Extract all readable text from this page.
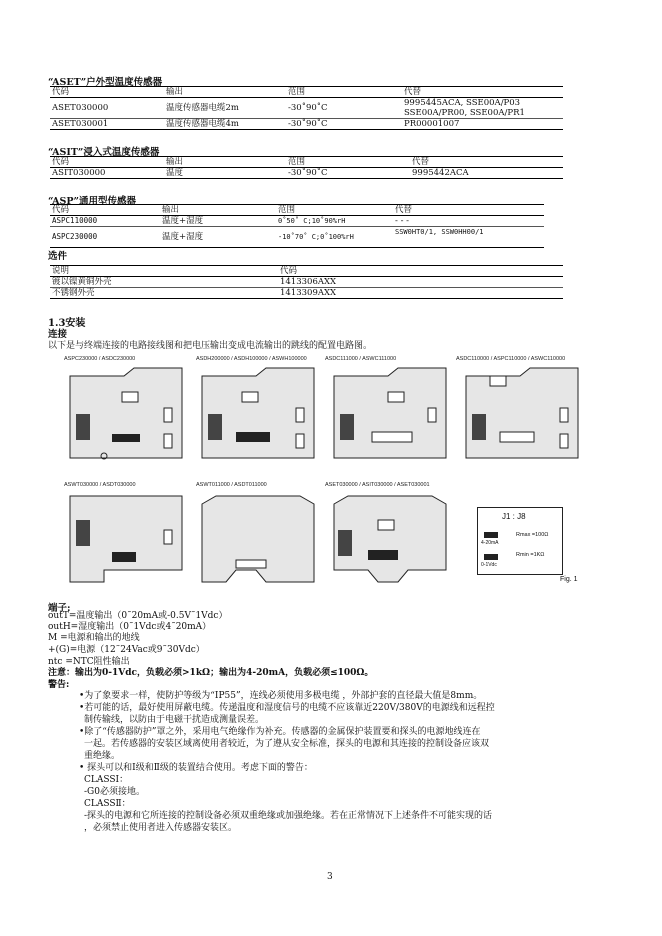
“ASET”户外型温度传感器
代码	输出	范围	代替
ASET030000	温度传感器电缆2m	-30˚90˚C	9995445ACA, SSE00A/P03
SSE00A/PR00, SSE00A/PR1

ASET030001	温度传感器电缆4m	-30˚90˚C	PR00001007
“ASIT”浸入式温度传感器
代码	输出	范围	代替
ASIT030000	温度	-30˚90˚C	9995442ACA
“ASP”通用型传感器
代码	输出	范围	代替
ASPC110000	温度+湿度	0˚50˚ C;10˚90%rH	- - -
ASPC230000	温度+湿度	-10˚70˚ C;0˚100%rH	SSW0HT0/1, SSW0HH00/1
选件
说明	代码
镀以镍黄铜外壳	1413306AXX
不锈钢外壳	1413309AXX
1.3安装
连接
以下是与终端连接的电路接线图和把电压输出变成电流输出的跳线的配置电路图。
ASPC230000 / ASDC230000	ASDH200000 / ASDH100000 / ASWH100000	ASDC111000 / ASWC111000	ASDC110000 / ASPC110000 / ASWC110000
ASWT030000 / ASDT030000	ASWT011000 / ASDT011000	ASET030000 / ASIT030000 / ASET030001
J1 : J8
4-20mA
0-1Vdc
Rmax =100Ω
Rmin =1KΩ
Fig. 1
端子:
outT=温度输出（0˜20mA或-0.5V˜1Vdc）
outH=湿度输出（0˜1Vdc或4˜20mA）
M =电源和输出的地线
+(G)=电源（12˜24Vac或9˜30Vdc）
ntc =NTC阻性输出
注意：输出为0-1Vdc，负载必须>1kΩ；输出为4-20mA，负载必须≤100Ω。
警告:
•为了象要求一样，使防护等级为“IP55”，连线必须使用多极电缆 ，外部护套的直径最大值是8mm。
•若可能的话，最好使用屏蔽电缆。传递温度和湿度信号的电缆不应该靠近220V/380V的电源线和远程控
制传输线，以防由于电磁干扰造成测量误差。
•除了“传感器防护”罩之外，采用电气绝缘作为补充。传感器的金属保护装置要和探头的电源地线连在
一起。若传感器的安装区域离使用者较近，为了遵从安全标准，探头的电源和其连接的控制设备应该双
重绝缘。
• 探头可以和Ⅰ级和Ⅱ级的装置结合使用。考虑下面的警告：
CLASSⅠ：
-G0必须接地。
CLASSⅡ：
-探头的电源和它所连接的控制设备必须双重绝缘或加强绝缘。若在正常情况下上述条件不可能实现的话
，必须禁止使用者进入传感器安装区。
3
